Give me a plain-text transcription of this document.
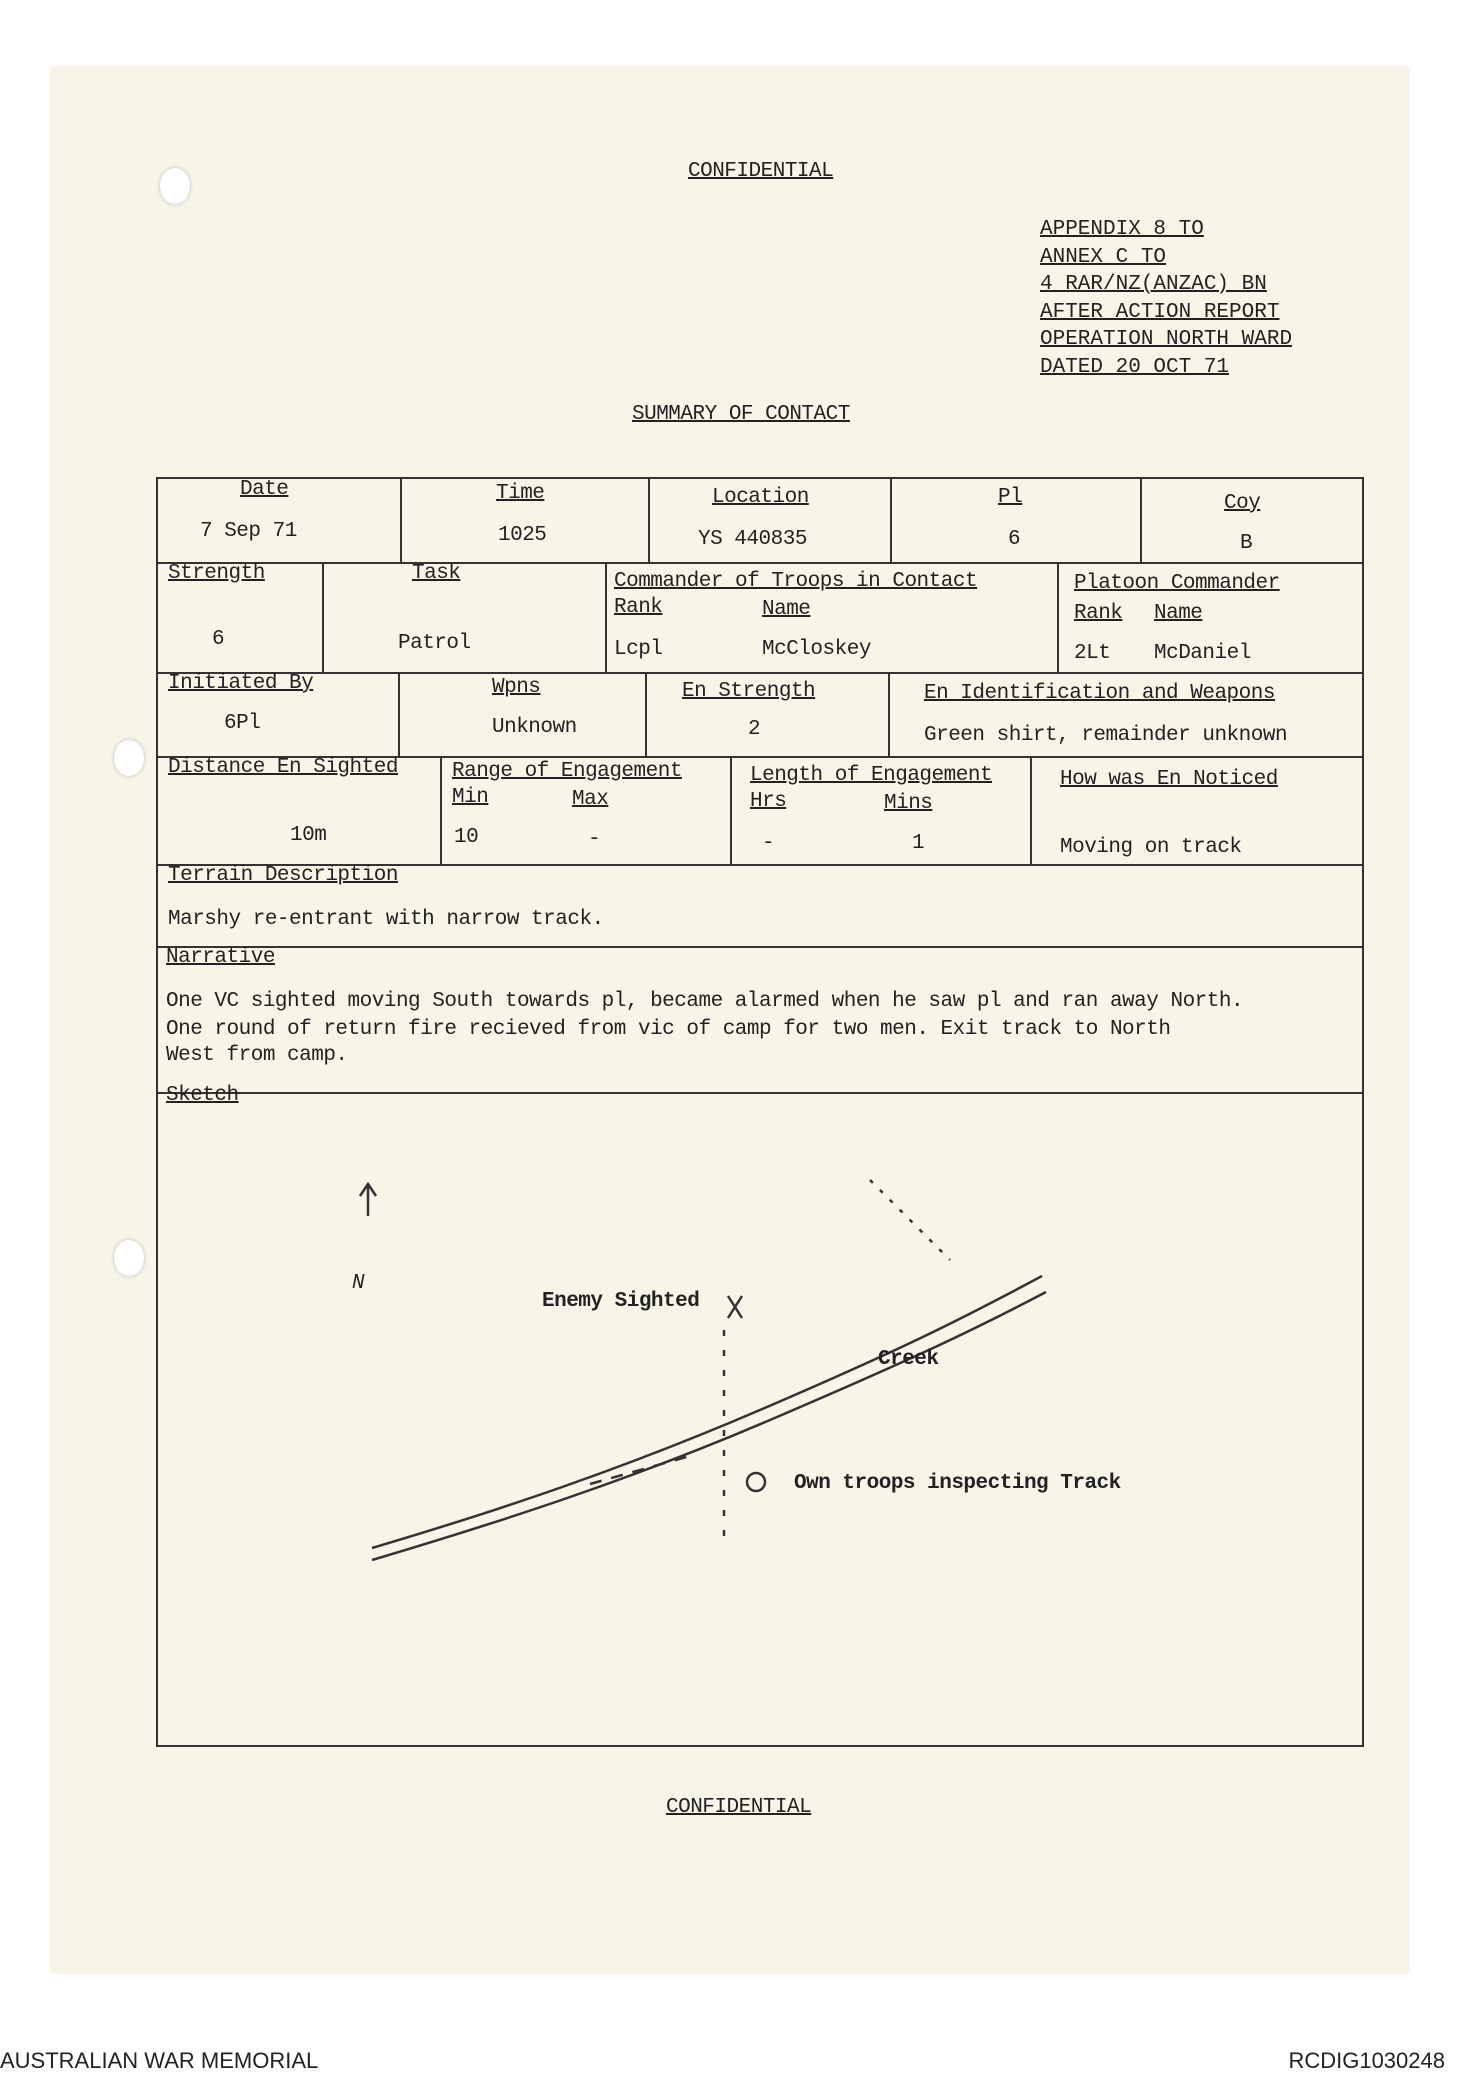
CONFIDENTIAL
APPENDIX 8 TO
ANNEX C TO
4 RAR/NZ(ANZAC) BN
AFTER ACTION REPORT
OPERATION NORTH WARD
DATED 20 OCT 71
SUMMARY OF CONTACT
Date
7 Sep 71
Time
1025
Location
YS 440835
Pl
6
Coy
B
Strength
6
Task
Patrol
Commander of Troops in Contact
Rank	Name
Lcpl	McCloskey
Platoon Commander
Rank Name
2Lt McDaniel
Initiated By
6Pl
Wpns
Unknown
En Strength
2
En Identification and Weapons
Green shirt, remainder unknown
Distance En Sighted
10m
Range of Engagement
Min	Max
10	-
Length of Engagement
Hrs	Mins
-	1
How was En Noticed
Moving on track
Terrain Description
Marshy re-entrant with narrow track.
Narrative
One VC sighted moving South towards pl, became alarmed when he saw pl and ran away North.
One round of return fire recieved from vic of camp for two men. Exit track to North
West from camp.
Sketch
N
Enemy Sighted
Creek
Own troops inspecting Track
CONFIDENTIAL
AUSTRALIAN WAR MEMORIAL	RCDIG1030248
